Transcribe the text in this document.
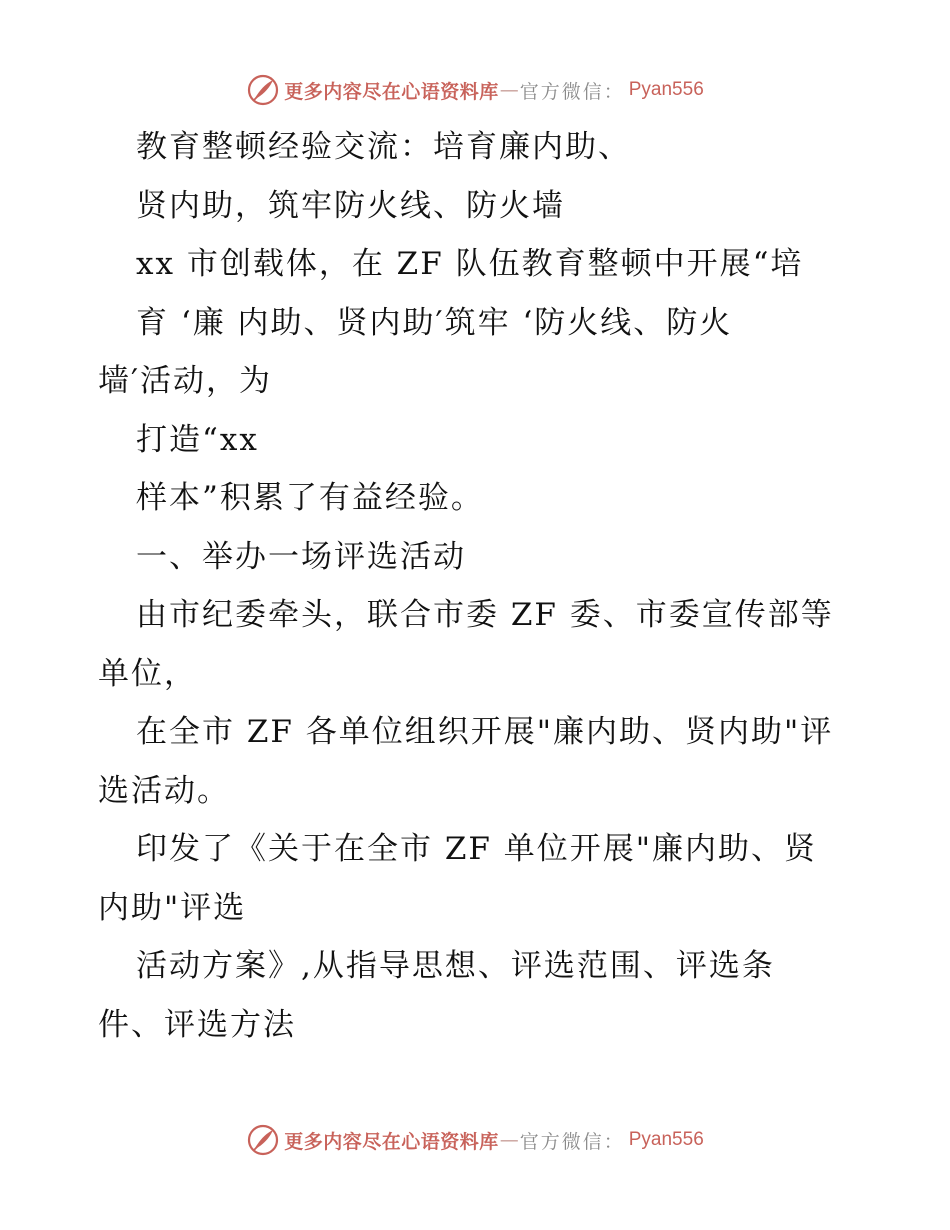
更多内容尽在心语资料库 — 官方微信： Pyan556
教育整顿经验交流：培育廉内助、
贤内助，筑牢防火线、防火墙
xx 市创载体，在 ZF 队伍教育整顿中开展“培
育 ‘廉 内助、贤内助′筑牢 ‘防火线、防火
墙′活动，为
打造“xx
样本”积累了有益经验。
一、举办一场评选活动
由市纪委牵头，联合市委 ZF 委、市委宣传部等
单位，
在全市 ZF 各单位组织开展"廉内助、贤内助"评
选活动。
印发了《关于在全市 ZF 单位开展"廉内助、贤
内助"评选
活动方案》,从指导思想、评选范围、评选条
件、评选方法
更多内容尽在心语资料库 — 官方微信： Pyan556
